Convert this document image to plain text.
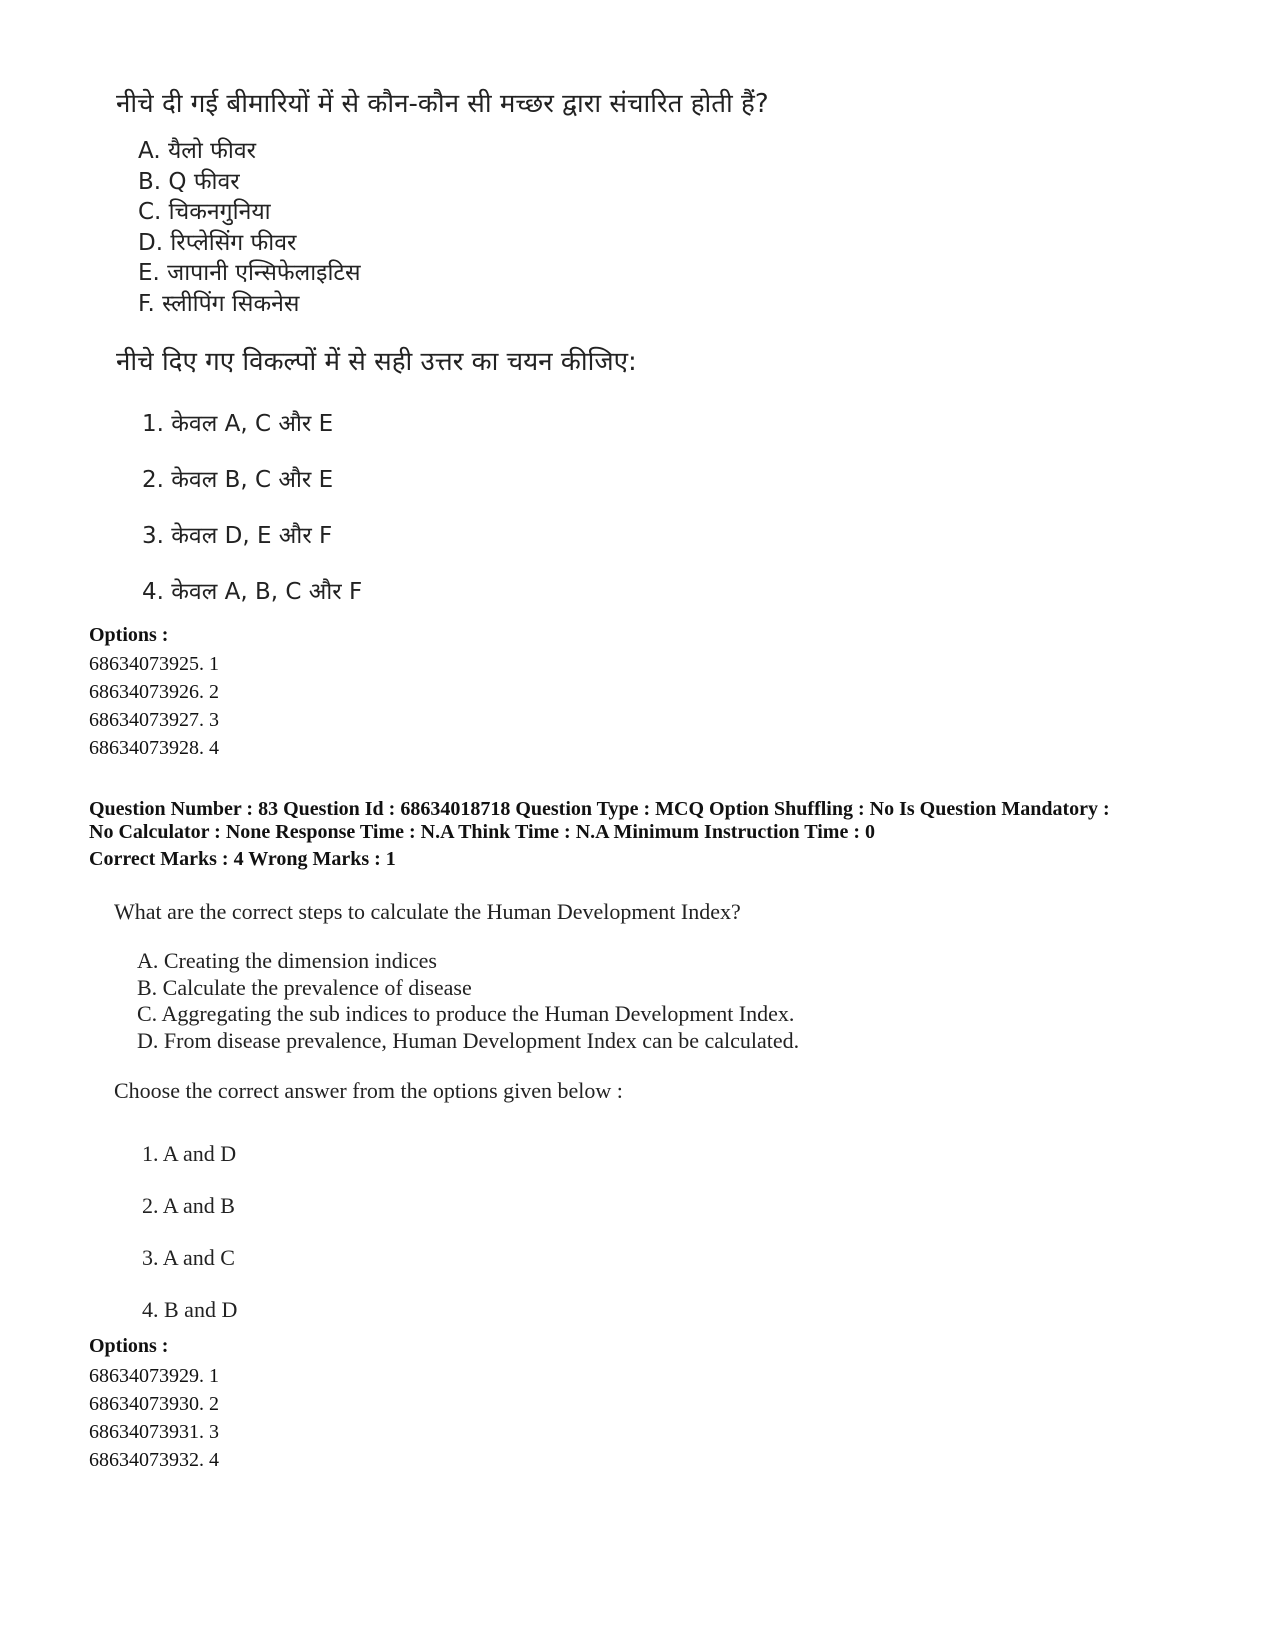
नीचे दी गई बीमारियों में से कौन-कौन सी मच्छर द्वारा संचारित होती हैं?
A. यैलो फीवर
B. Q फीवर
C. चिकनगुनिया
D. रिप्लेसिंग फीवर
E. जापानी एन्सिफेलाइटिस
F. स्लीपिंग सिकनेस
नीचे दिए गए विकल्पों में से सही उत्तर का चयन कीजिए:
1. केवल A, C और E
2. केवल B, C और E
3. केवल D, E और F
4. केवल A, B, C और F
Options :
68634073925. 1
68634073926. 2
68634073927. 3
68634073928. 4
Question Number : 83 Question Id : 68634018718 Question Type : MCQ Option Shuffling : No Is Question Mandatory :
No Calculator : None Response Time : N.A Think Time : N.A Minimum Instruction Time : 0
Correct Marks : 4 Wrong Marks : 1
What are the correct steps to calculate the Human Development Index?
A. Creating the dimension indices
B. Calculate the prevalence of disease
C. Aggregating the sub indices to produce the Human Development Index.
D. From disease prevalence, Human Development Index can be calculated.
Choose the correct answer from the options given below :
1. A and D
2. A and B
3. A and C
4. B and D
Options :
68634073929. 1
68634073930. 2
68634073931. 3
68634073932. 4
